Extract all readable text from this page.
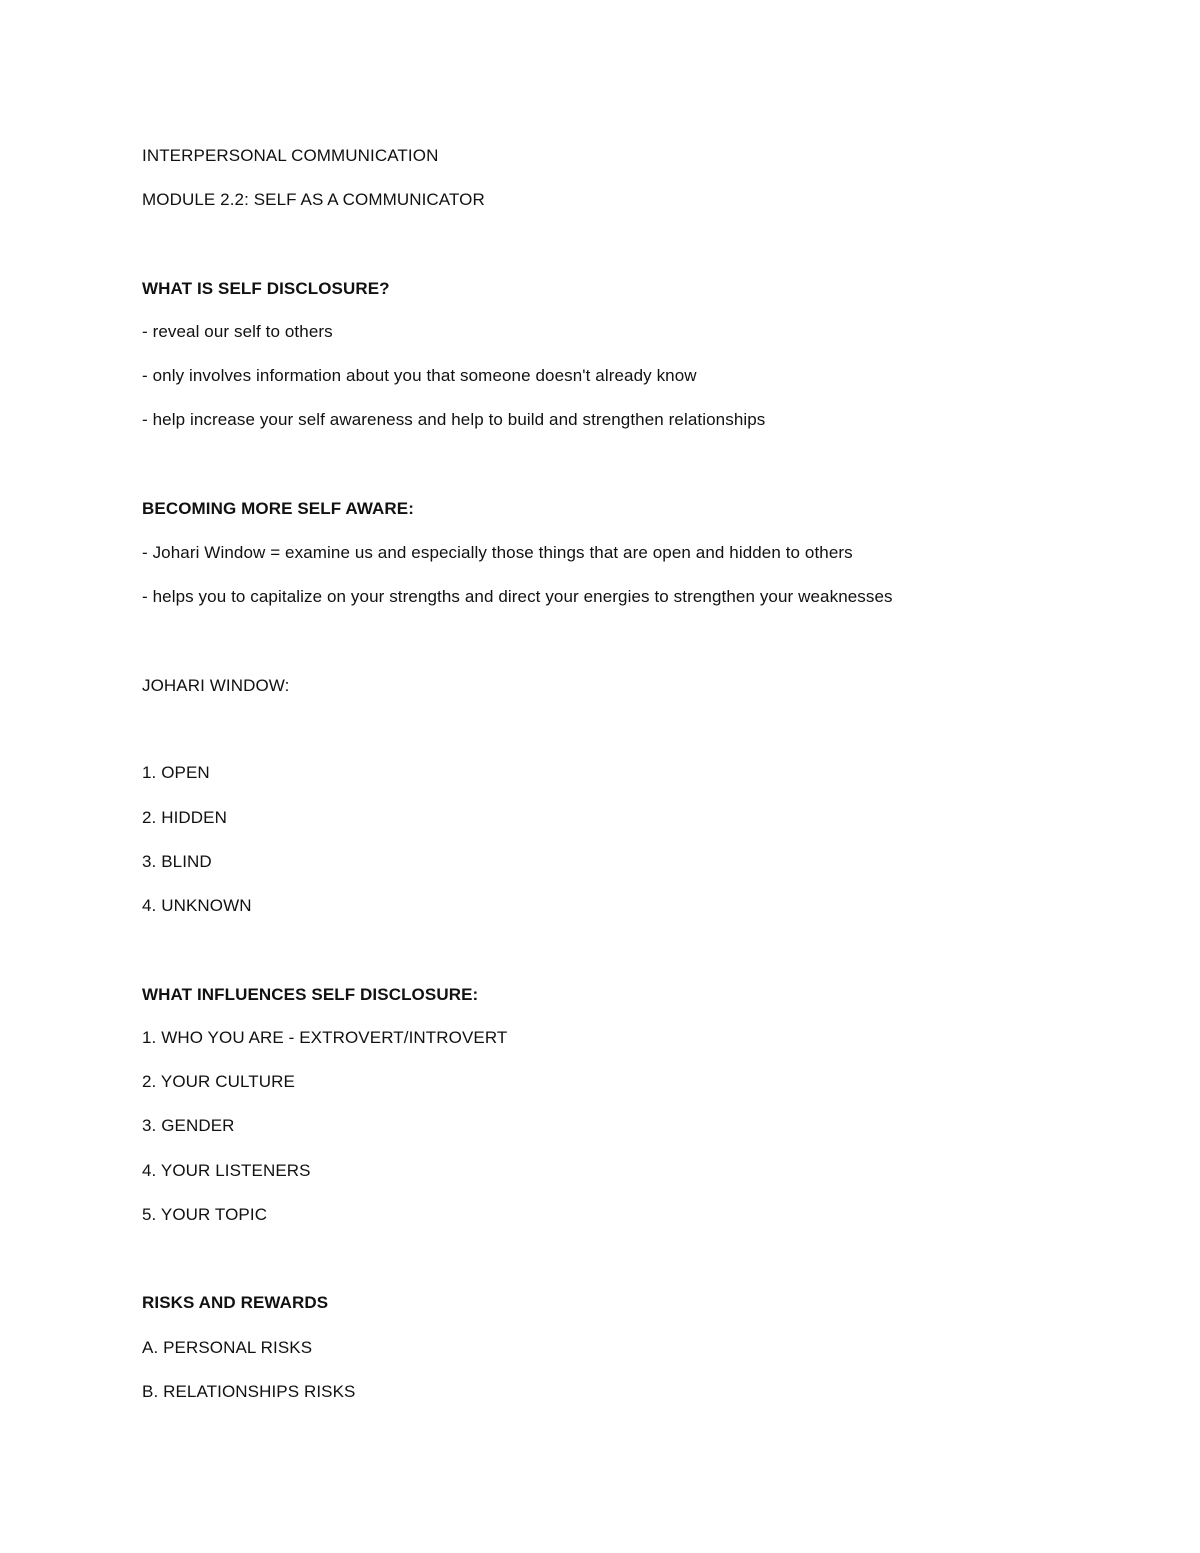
INTERPERSONAL COMMUNICATION
MODULE 2.2: SELF AS A COMMUNICATOR
WHAT IS SELF DISCLOSURE?
- reveal our self to others
- only involves information about you that someone doesn't already know
- help increase your self awareness and help to build and strengthen relationships
BECOMING MORE SELF AWARE:
- Johari Window = examine us and especially those things that are open and hidden to others
- helps you to capitalize on your strengths and direct your energies to strengthen your weaknesses
JOHARI WINDOW:
1. OPEN
2. HIDDEN
3. BLIND
4. UNKNOWN
WHAT INFLUENCES SELF DISCLOSURE:
1. WHO YOU ARE - EXTROVERT/INTROVERT
2. YOUR CULTURE
3. GENDER
4. YOUR LISTENERS
5. YOUR TOPIC
RISKS AND REWARDS
A. PERSONAL RISKS
B. RELATIONSHIPS RISKS
